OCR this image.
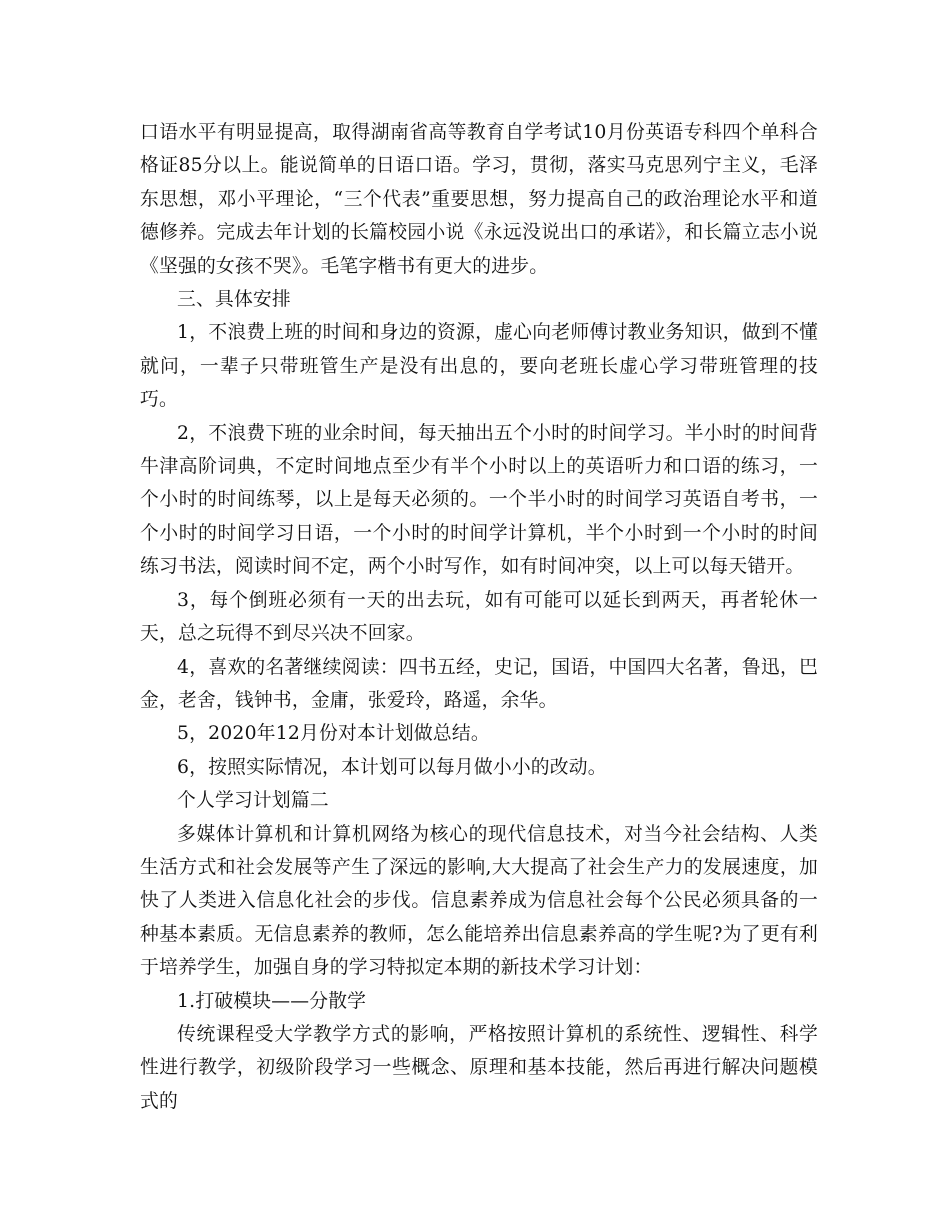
口语水平有明显提高，取得湖南省高等教育自学考试10月份英语专科四个单科合格证85分以上。能说简单的日语口语。学习，贯彻，落实马克思列宁主义，毛泽东思想，邓小平理论，“三个代表”重要思想，努力提高自己的政治理论水平和道德修养。完成去年计划的长篇校园小说《永远没说出口的承诺》，和长篇立志小说《坚强的女孩不哭》。毛笔字楷书有更大的进步。

三、具体安排

1，不浪费上班的时间和身边的资源，虚心向老师傅讨教业务知识，做到不懂就问，一辈子只带班管生产是没有出息的，要向老班长虚心学习带班管理的技巧。

2，不浪费下班的业余时间，每天抽出五个小时的时间学习。半小时的时间背牛津高阶词典，不定时间地点至少有半个小时以上的英语听力和口语的练习，一个小时的时间练琴，以上是每天必须的。一个半小时的时间学习英语自考书，一个小时的时间学习日语，一个小时的时间学计算机，半个小时到一个小时的时间练习书法，阅读时间不定，两个小时写作，如有时间冲突，以上可以每天错开。

3，每个倒班必须有一天的出去玩，如有可能可以延长到两天，再者轮休一天，总之玩得不到尽兴决不回家。

4，喜欢的名著继续阅读：四书五经，史记，国语，中国四大名著，鲁迅，巴金，老舍，钱钟书，金庸，张爱玲，路遥，余华。

5，2020年12月份对本计划做总结。

6，按照实际情况，本计划可以每月做小小的改动。

个人学习计划篇二

多媒体计算机和计算机网络为核心的现代信息技术，对当今社会结构、人类生活方式和社会发展等产生了深远的影响,大大提高了社会生产力的发展速度，加快了人类进入信息化社会的步伐。信息素养成为信息社会每个公民必须具备的一种基本素质。无信息素养的教师，怎么能培养出信息素养高的学生呢?为了更有利于培养学生，加强自身的学习特拟定本期的新技术学习计划：

1.打破模块——分散学

传统课程受大学教学方式的影响，严格按照计算机的系统性、逻辑性、科学性进行教学，初级阶段学习一些概念、原理和基本技能，然后再进行解决问题模式的
